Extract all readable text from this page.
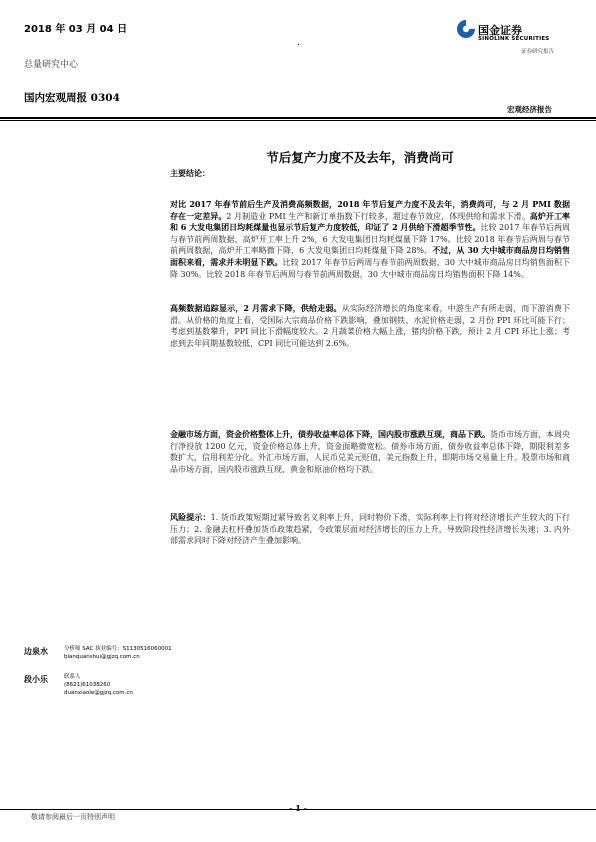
2018 年 03 月 04 日
·
国金证券
SINOLINK SECURITIES
证券研究报告
总量研究中心
国内宏观周报 0304
宏观经济报告
节后复产力度不及去年，消费尚可
主要结论：

对比 2017 年春节前后生产及消费高频数据，2018 年节后复产力度不及去年，消费尚可，与 2 月 PMI 数据存在一定差异。2 月制造业 PMI 生产和新订单指数下行较多，超过春节效应，体现供给和需求下滑。高炉开工率和 6 大发电集团日均耗煤量也显示节后复产力度较低，印证了 2 月供给下滑超季节性。比较 2017 年春节后两周与春节前两周数据，高炉开工率上升 2%，6 大发电集团日均耗煤量下降 17%。比较 2018 年春节后两周与春节前两周数据，高炉开工率略微下降，6 大发电集团日均耗煤量下降 28%。不过，从 30 大中城市商品房日均销售面积来看，需求并未明显下跌。比较 2017 年春节后两周与春节前两周数据，30 大中城市商品房日均销售面积下降 30%。比较 2018 年春节后两周与春节前两周数据，30 大中城市商品房日均销售面积下降 14%。

高频数据追踪显示，2 月需求下降，供给走弱。从实际经济增长的角度来看，中游生产有所走弱，而下游消费下滑。从价格的角度上看，受国际大宗商品价格下跌影响，叠加钢铁、水泥价格走弱，2 月份 PPI 环比可能下行；考虑到基数攀升，PPI 同比下滑幅度较大。2 月蔬菜价格大幅上涨，猪肉价格下跌，预计 2 月 CPI 环比上涨；考虑到去年同期基数较低，CPI 同比可能达到 2.6%。

金融市场方面，资金价格整体上升，债券收益率总体下降，国内股市涨跌互现，商品下跌。货币市场方面，本周央行净投放 1200 亿元，资金价格总体上升，资金面略微宽松。债券市场方面，债券收益率总体下降，期限利差多数扩大，信用利差分化。外汇市场方面，人民币兑美元贬值，美元指数上升，即期市场交易量上升。股票市场和商品市场方面，国内股市涨跌互现，黄金和原油价格均下跌。

风险提示：1. 货币政策短期过紧导致名义利率上升，同时物价下滑，实际利率上行将对经济增长产生较大的下行压力；2. 金融去杠杆叠加货币政策趋紧，令政策层面对经济增长的压力上升，导致阶段性经济增长失速；3. 内外部需求同时下降对经济产生叠加影响。

边泉水	分析师 SAC 执业编号：S1130516060001
bianquanshui@gjzq.com.cn
段小乐	联系人
(8621)61038260
duanxiaole@gjzq.com.cn
- 1 -
敬请参阅最后一页特别声明
